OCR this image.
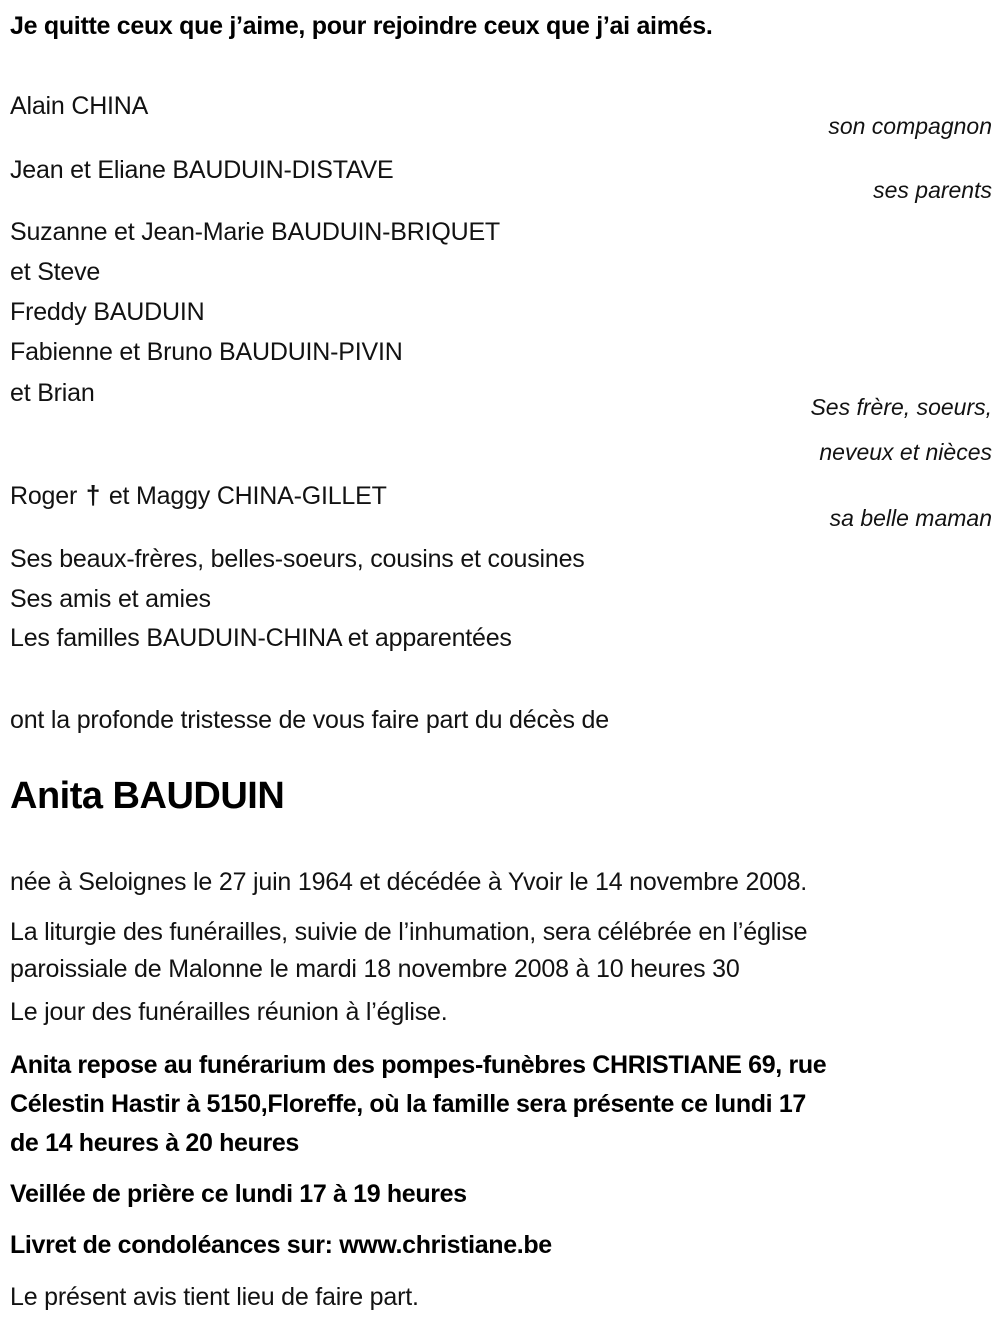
Je quitte ceux que j’aime, pour rejoindre ceux que j’ai aimés.
Alain CHINA
son compagnon
Jean et Eliane BAUDUIN-DISTAVE
ses parents
Suzanne et Jean-Marie BAUDUIN-BRIQUET
et Steve
Freddy BAUDUIN
Fabienne et Bruno BAUDUIN-PIVIN
et Brian	Ses frère, soeurs,
neveux et nièces
Roger † et Maggy CHINA-GILLET
sa belle maman
Ses beaux-frères, belles-soeurs, cousins et cousines
Ses amis et amies
Les familles BAUDUIN-CHINA et apparentées
ont la profonde tristesse de vous faire part du décès de
Anita BAUDUIN
née à Seloignes le 27 juin 1964 et décédée à Yvoir le 14 novembre 2008.
La liturgie des funérailles, suivie de l’inhumation, sera célébrée en l’église
paroissiale de Malonne le mardi 18 novembre 2008 à 10 heures 30
Le jour des funérailles réunion à l’église.
Anita repose au funérarium des pompes-funèbres CHRISTIANE 69, rue
Célestin Hastir à 5150,Floreffe, où la famille sera présente ce lundi 17
de 14 heures à 20 heures
Veillée de prière ce lundi 17 à 19 heures
Livret de condoléances sur: www.christiane.be
Le présent avis tient lieu de faire part.
